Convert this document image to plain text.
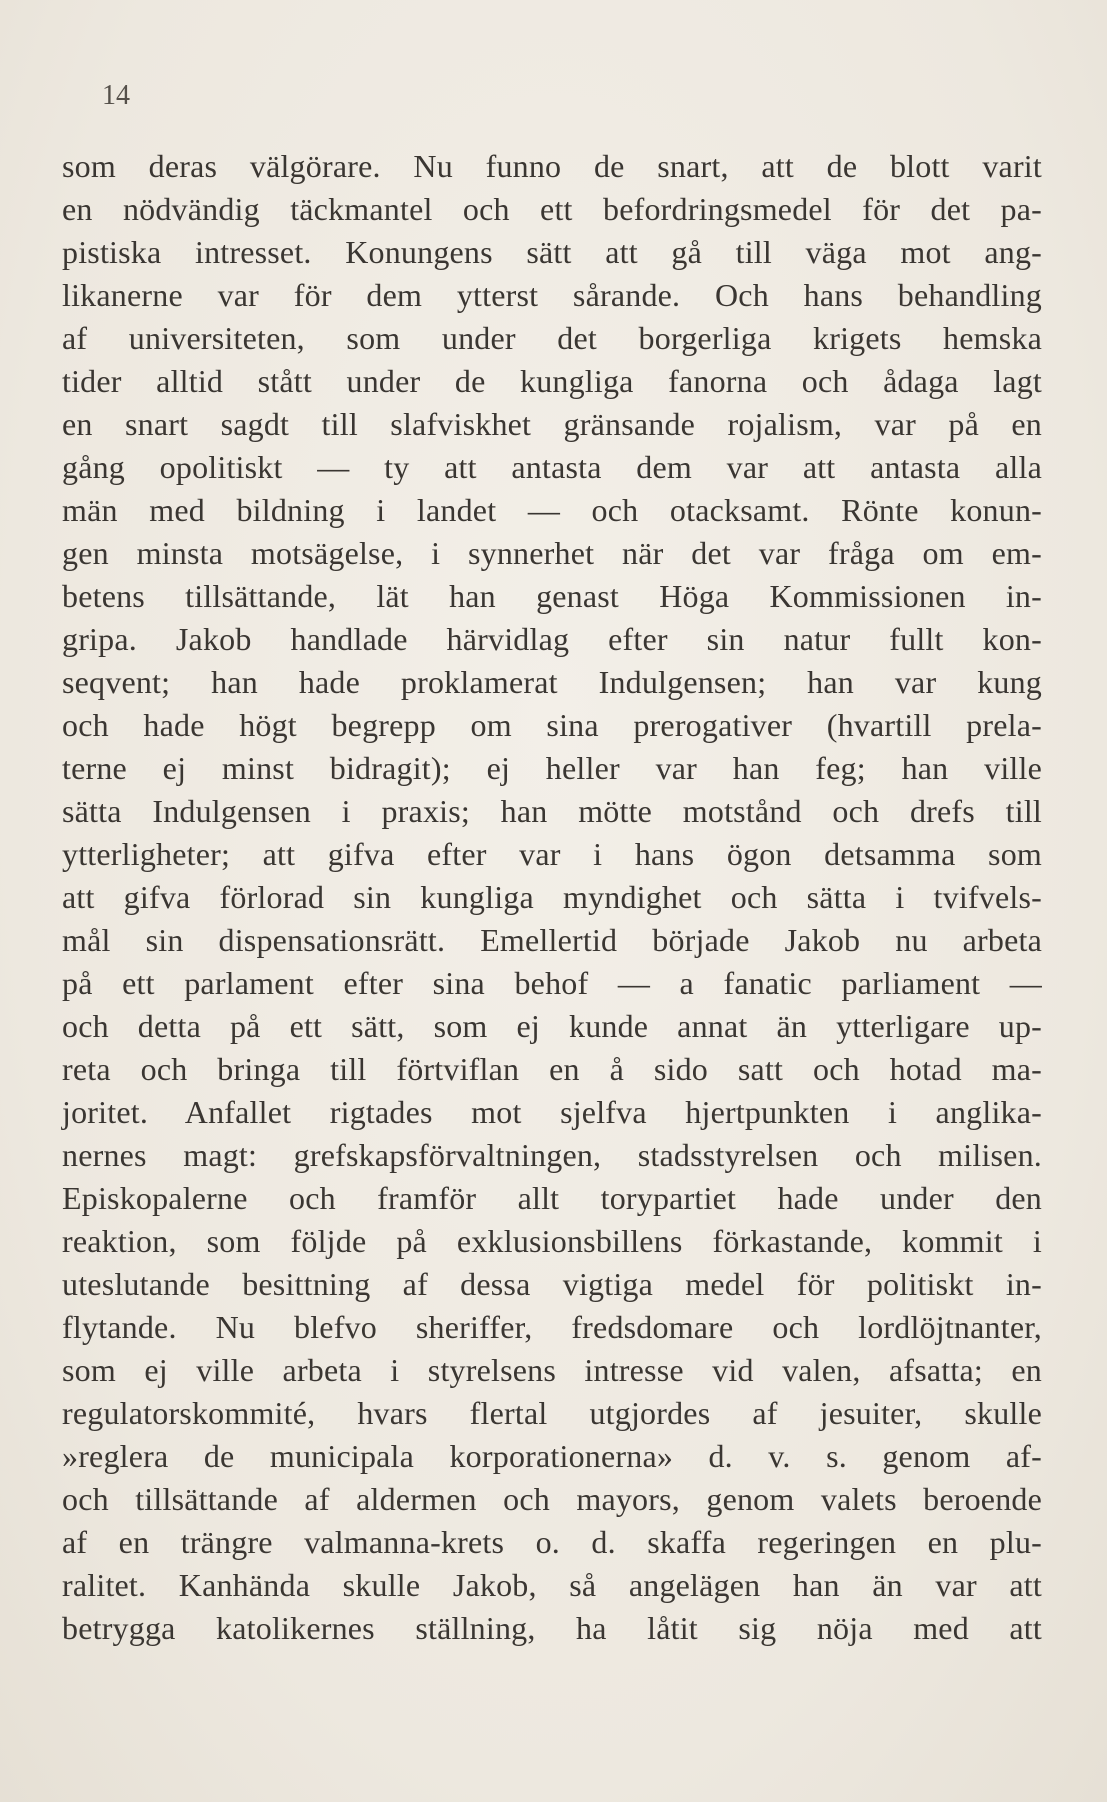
14
som deras välgörare. Nu funno de snart, att de blott varit
en nödvändig täckmantel och ett befordringsmedel för det pa-
pistiska intresset. Konungens sätt att gå till väga mot ang-
likanerne var för dem ytterst sårande. Och hans behandling
af universiteten, som under det borgerliga krigets hemska
tider alltid stått under de kungliga fanorna och ådaga lagt
en snart sagdt till slafviskhet gränsande rojalism, var på en
gång opolitiskt — ty att antasta dem var att antasta alla
män med bildning i landet — och otacksamt. Rönte konun-
gen minsta motsägelse, i synnerhet när det var fråga om em-
betens tillsättande, lät han genast Höga Kommissionen in-
gripa. Jakob handlade härvidlag efter sin natur fullt kon-
seqvent; han hade proklamerat Indulgensen; han var kung
och hade högt begrepp om sina prerogativer (hvartill prela-
terne ej minst bidragit); ej heller var han feg; han ville
sätta Indulgensen i praxis; han mötte motstånd och drefs till
ytterligheter; att gifva efter var i hans ögon detsamma som
att gifva förlorad sin kungliga myndighet och sätta i tvifvels-
mål sin dispensationsrätt. Emellertid började Jakob nu arbeta
på ett parlament efter sina behof — a fanatic parliament —
och detta på ett sätt, som ej kunde annat än ytterligare up-
reta och bringa till förtviflan en å sido satt och hotad ma-
joritet. Anfallet rigtades mot sjelfva hjertpunkten i anglika-
nernes magt: grefskapsförvaltningen, stadsstyrelsen och milisen.
Episkopalerne och framför allt torypartiet hade under den
reaktion, som följde på exklusionsbillens förkastande, kommit i
uteslutande besittning af dessa vigtiga medel för politiskt in-
flytande. Nu blefvo sheriffer, fredsdomare och lordlöjtnanter,
som ej ville arbeta i styrelsens intresse vid valen, afsatta; en
regulatorskommité, hvars flertal utgjordes af jesuiter, skulle
»reglera de municipala korporationerna» d. v. s. genom af-
och tillsättande af aldermen och mayors, genom valets beroende
af en trängre valmanna-krets o. d. skaffa regeringen en plu-
ralitet. Kanhända skulle Jakob, så angelägen han än var att
betrygga katolikernes ställning, ha låtit sig nöja med att
